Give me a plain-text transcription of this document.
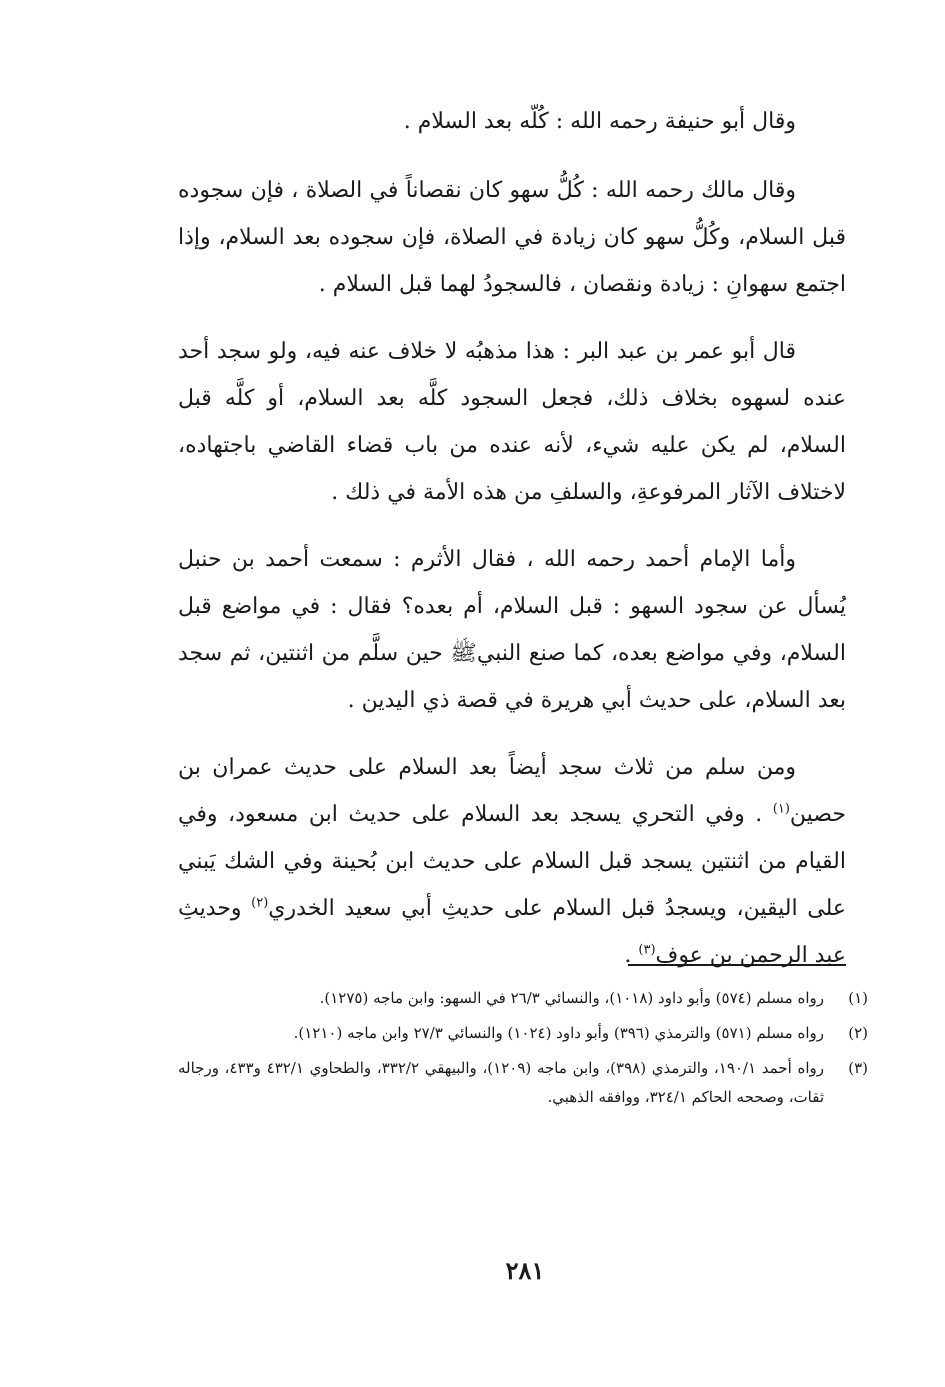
وقال أبو حنيفة رحمه الله : كُلّه بعد السلام .

وقال مالك رحمه الله : كُلُّ سهو كان نقصاناً في الصلاة ، فإن سجوده قبل السلام، وكُلُّ سهو كان زيادة في الصلاة، فإن سجوده بعد السلام، وإذا اجتمع سهوانِ : زيادة ونقصان ، فالسجودُ لهما قبل السلام .

قال أبو عمر بن عبد البر : هذا مذهبُه لا خلاف عنه فيه، ولو سجد أحد عنده لسهوه بخلاف ذلك، فجعل السجود كلَّه بعد السلام، أو كلَّه قبل السلام، لم يكن عليه شيء، لأنه عنده من باب قضاء القاضي باجتهاده، لاختلاف الآثار المرفوعةِ، والسلفِ من هذه الأمة في ذلك .

وأما الإمام أحمد رحمه الله ، فقال الأثرم : سمعت أحمد بن حنبل يُسأل عن سجود السهو : قبل السلام، أم بعده؟ فقال : في مواضع قبل السلام، وفي مواضع بعده، كما صنع النبيﷺ حين سلَّم من اثنتين، ثم سجد بعد السلام، على حديث أبي هريرة في قصة ذي اليدين .

ومن سلم من ثلاث سجد أيضاً بعد السلام على حديث عمران بن حصين$^{(١)}$ . وفي التحري يسجد بعد السلام على حديث ابن مسعود، وفي القيام من اثنتين يسجد قبل السلام على حديث ابن بُحينة وفي الشك يَبني على اليقين، ويسجدُ قبل السلام على حديثِ أبي سعيد الخدري$^{(٢)}$ وحديثِ عبد الرحمن بن عوف$^{(٣)}$ .

(١)
رواه مسلم (٥٧٤) وأبو داود (١٠١٨)، والنسائي ٢٦/٣ في السهو: وابن ماجه (١٢٧٥).
(٢)
رواه مسلم (٥٧١) والترمذي (٣٩٦) وأبو داود (١٠٢٤) والنسائي ٢٧/٣ وابن ماجه (١٢١٠).
(٣)
رواه أحمد ١٩٠/١، والترمذي (٣٩٨)، وابن ماجه (١٢٠٩)، والبيهقي ٣٣٢/٢، والطحاوي ٤٣٢/١ و٤٣٣، ورجاله ثقات، وصححه الحاكم ٣٢٤/١، ووافقه الذهبي.
٢٨١
